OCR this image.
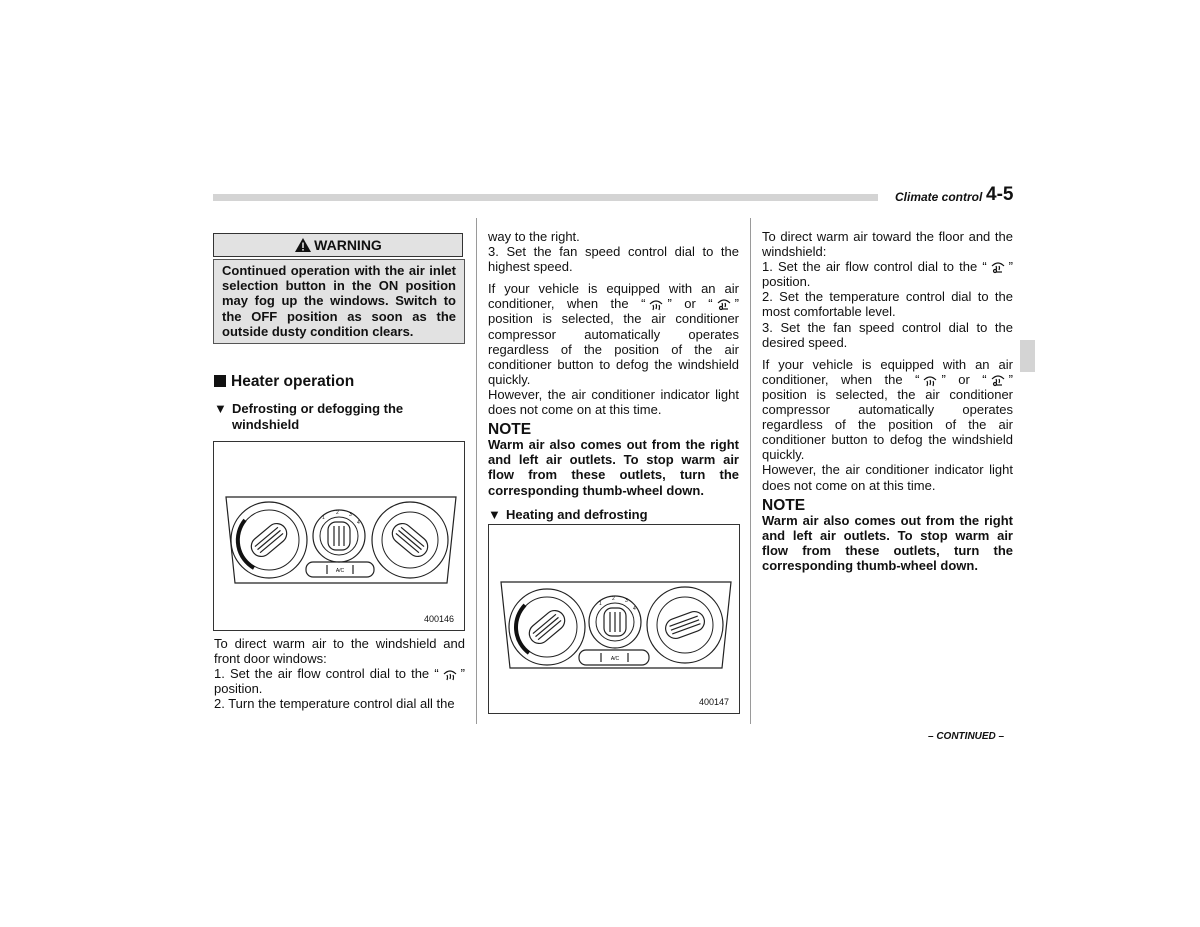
Climate control 4-5
WARNING
Continued operation with the air inlet selection button in the ON position may fog up the windows. Switch to the OFF position as soon as the outside dusty condition clears.
Heater operation
▼ Defrosting or defogging the windshield
A/C
1
2 3
4
400146

To direct warm air to the windshield and front door windows:

1. Set the air flow control dial to the “ ” position.

2. Turn the temperature control dial all the

way to the right.

3. Set the fan speed control dial to the highest speed.

If your vehicle is equipped with an air conditioner, when the “ ” or “ ” position is selected, the air conditioner compressor automatically operates regardless of the position of the air conditioner button to defog the windshield quickly.

However, the air conditioner indicator light does not come on at this time.

NOTE

Warm air also comes out from the right and left air outlets. To stop warm air flow from these outlets, turn the corresponding thumb-wheel down.

▼ Heating and defrosting
A/C
1
2 3
4
400147

To direct warm air toward the floor and the windshield:

1. Set the air flow control dial to the “ ” position.

2. Set the temperature control dial to the most comfortable level.

3. Set the fan speed control dial to the desired speed.

If your vehicle is equipped with an air conditioner, when the “ ” or “ ” position is selected, the air conditioner compressor automatically operates regardless of the position of the air conditioner button to defog the windshield quickly.

However, the air conditioner indicator light does not come on at this time.

NOTE

Warm air also comes out from the right and left air outlets. To stop warm air flow from these outlets, turn the corresponding thumb-wheel down.

– CONTINUED –
